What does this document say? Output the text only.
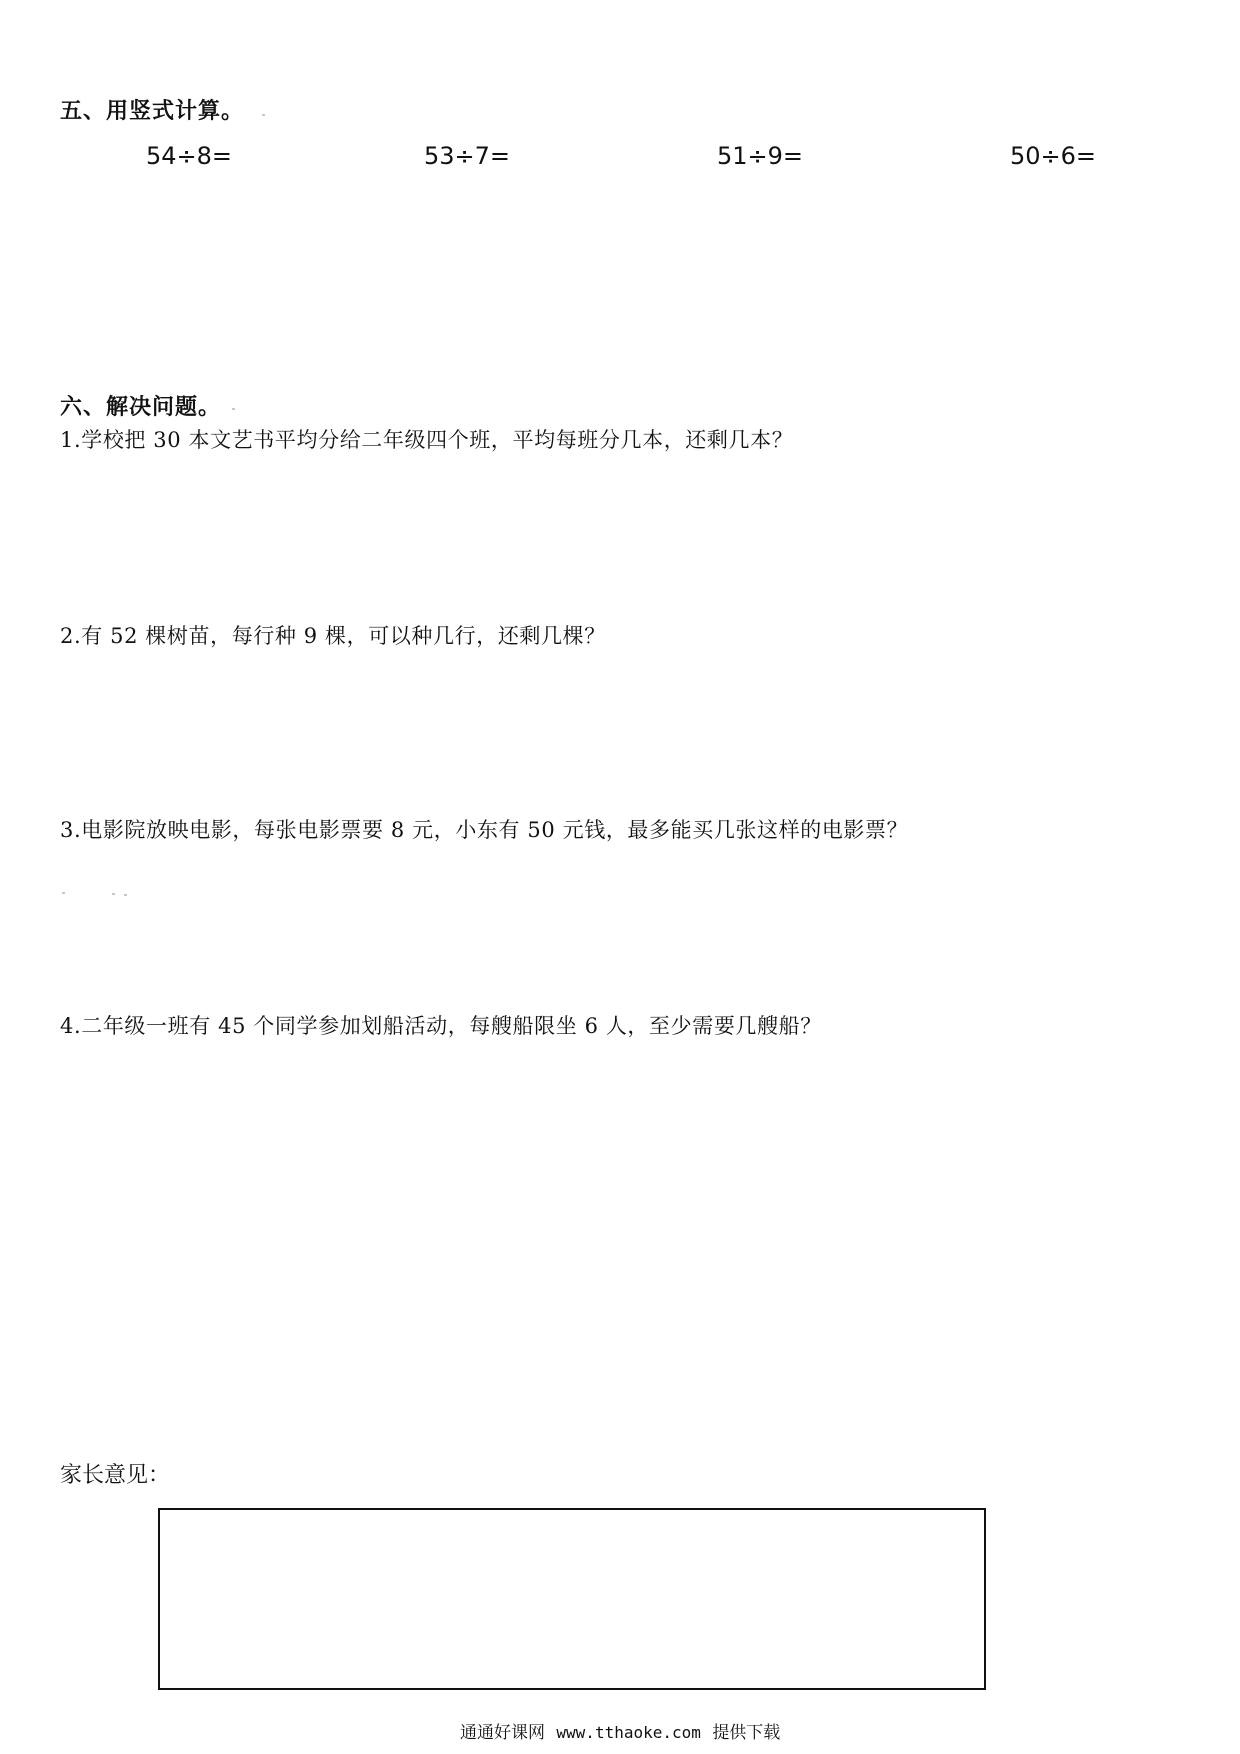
五、用竖式计算。
54÷8=	53÷7=	51÷9=	50÷6=
六、解决问题。
1.学校把 30 本文艺书平均分给二年级四个班，平均每班分几本，还剩几本？
2.有 52 棵树苗，每行种 9 棵，可以种几行，还剩几棵？
3.电影院放映电影，每张电影票要 8 元，小东有 50 元钱，最多能买几张这样的电影票？
4.二年级一班有 45 个同学参加划船活动，每艘船限坐 6 人，至少需要几艘船？
家长意见：
通通好课网 www.tthaoke.com 提供下载
